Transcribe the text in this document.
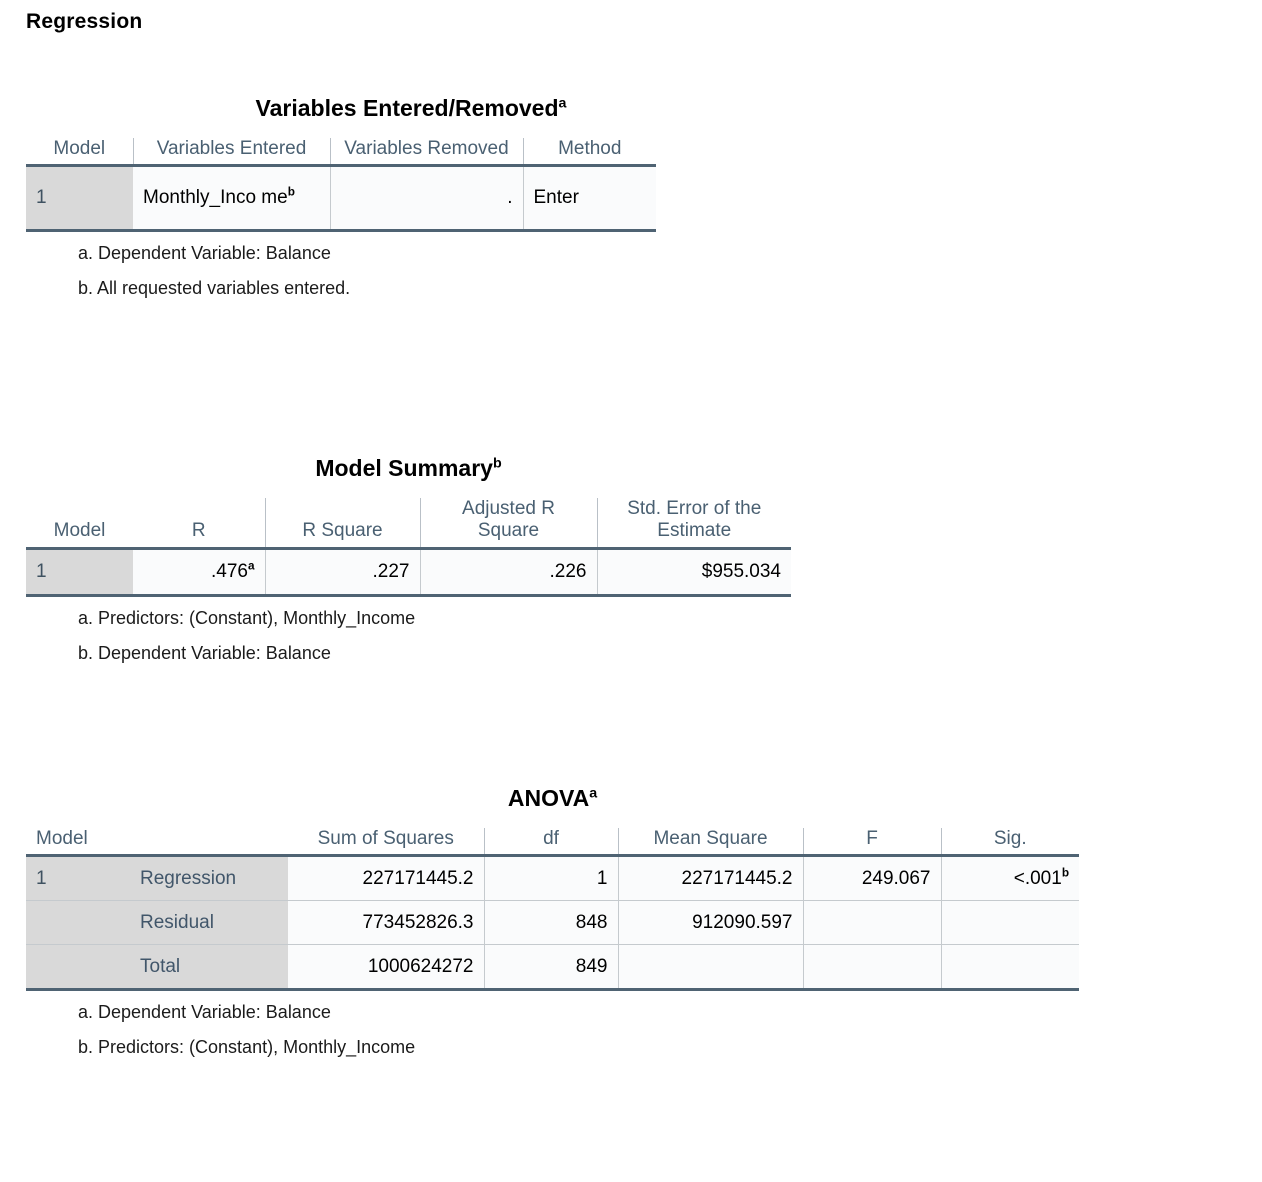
Regression
Variables Entered/Removed$^a$
Model	Variables Entered	Variables Removed	Method
1	Monthly_Inco $me^b$	.	Enter
a. Dependent Variable: Balance
b. All requested variables entered.
Model Summary$^b$
Model	R	R Square	Adjusted R Square	Std. Error of the Estimate
1	.476$^a$	.227	.226	$955.034
a. Predictors: (Constant), Monthly_Income
b. Dependent Variable: Balance
ANOVA$^a$
Model		Sum of Squares	df	Mean Square	F	Sig.
1	Regression	227171445.2	1	227171445.2	249.067	<.001$^b$
	Residual	773452826.3	848	912090.597		
	Total	1000624272	849			
a. Dependent Variable: Balance
b. Predictors: (Constant), Monthly_Income
